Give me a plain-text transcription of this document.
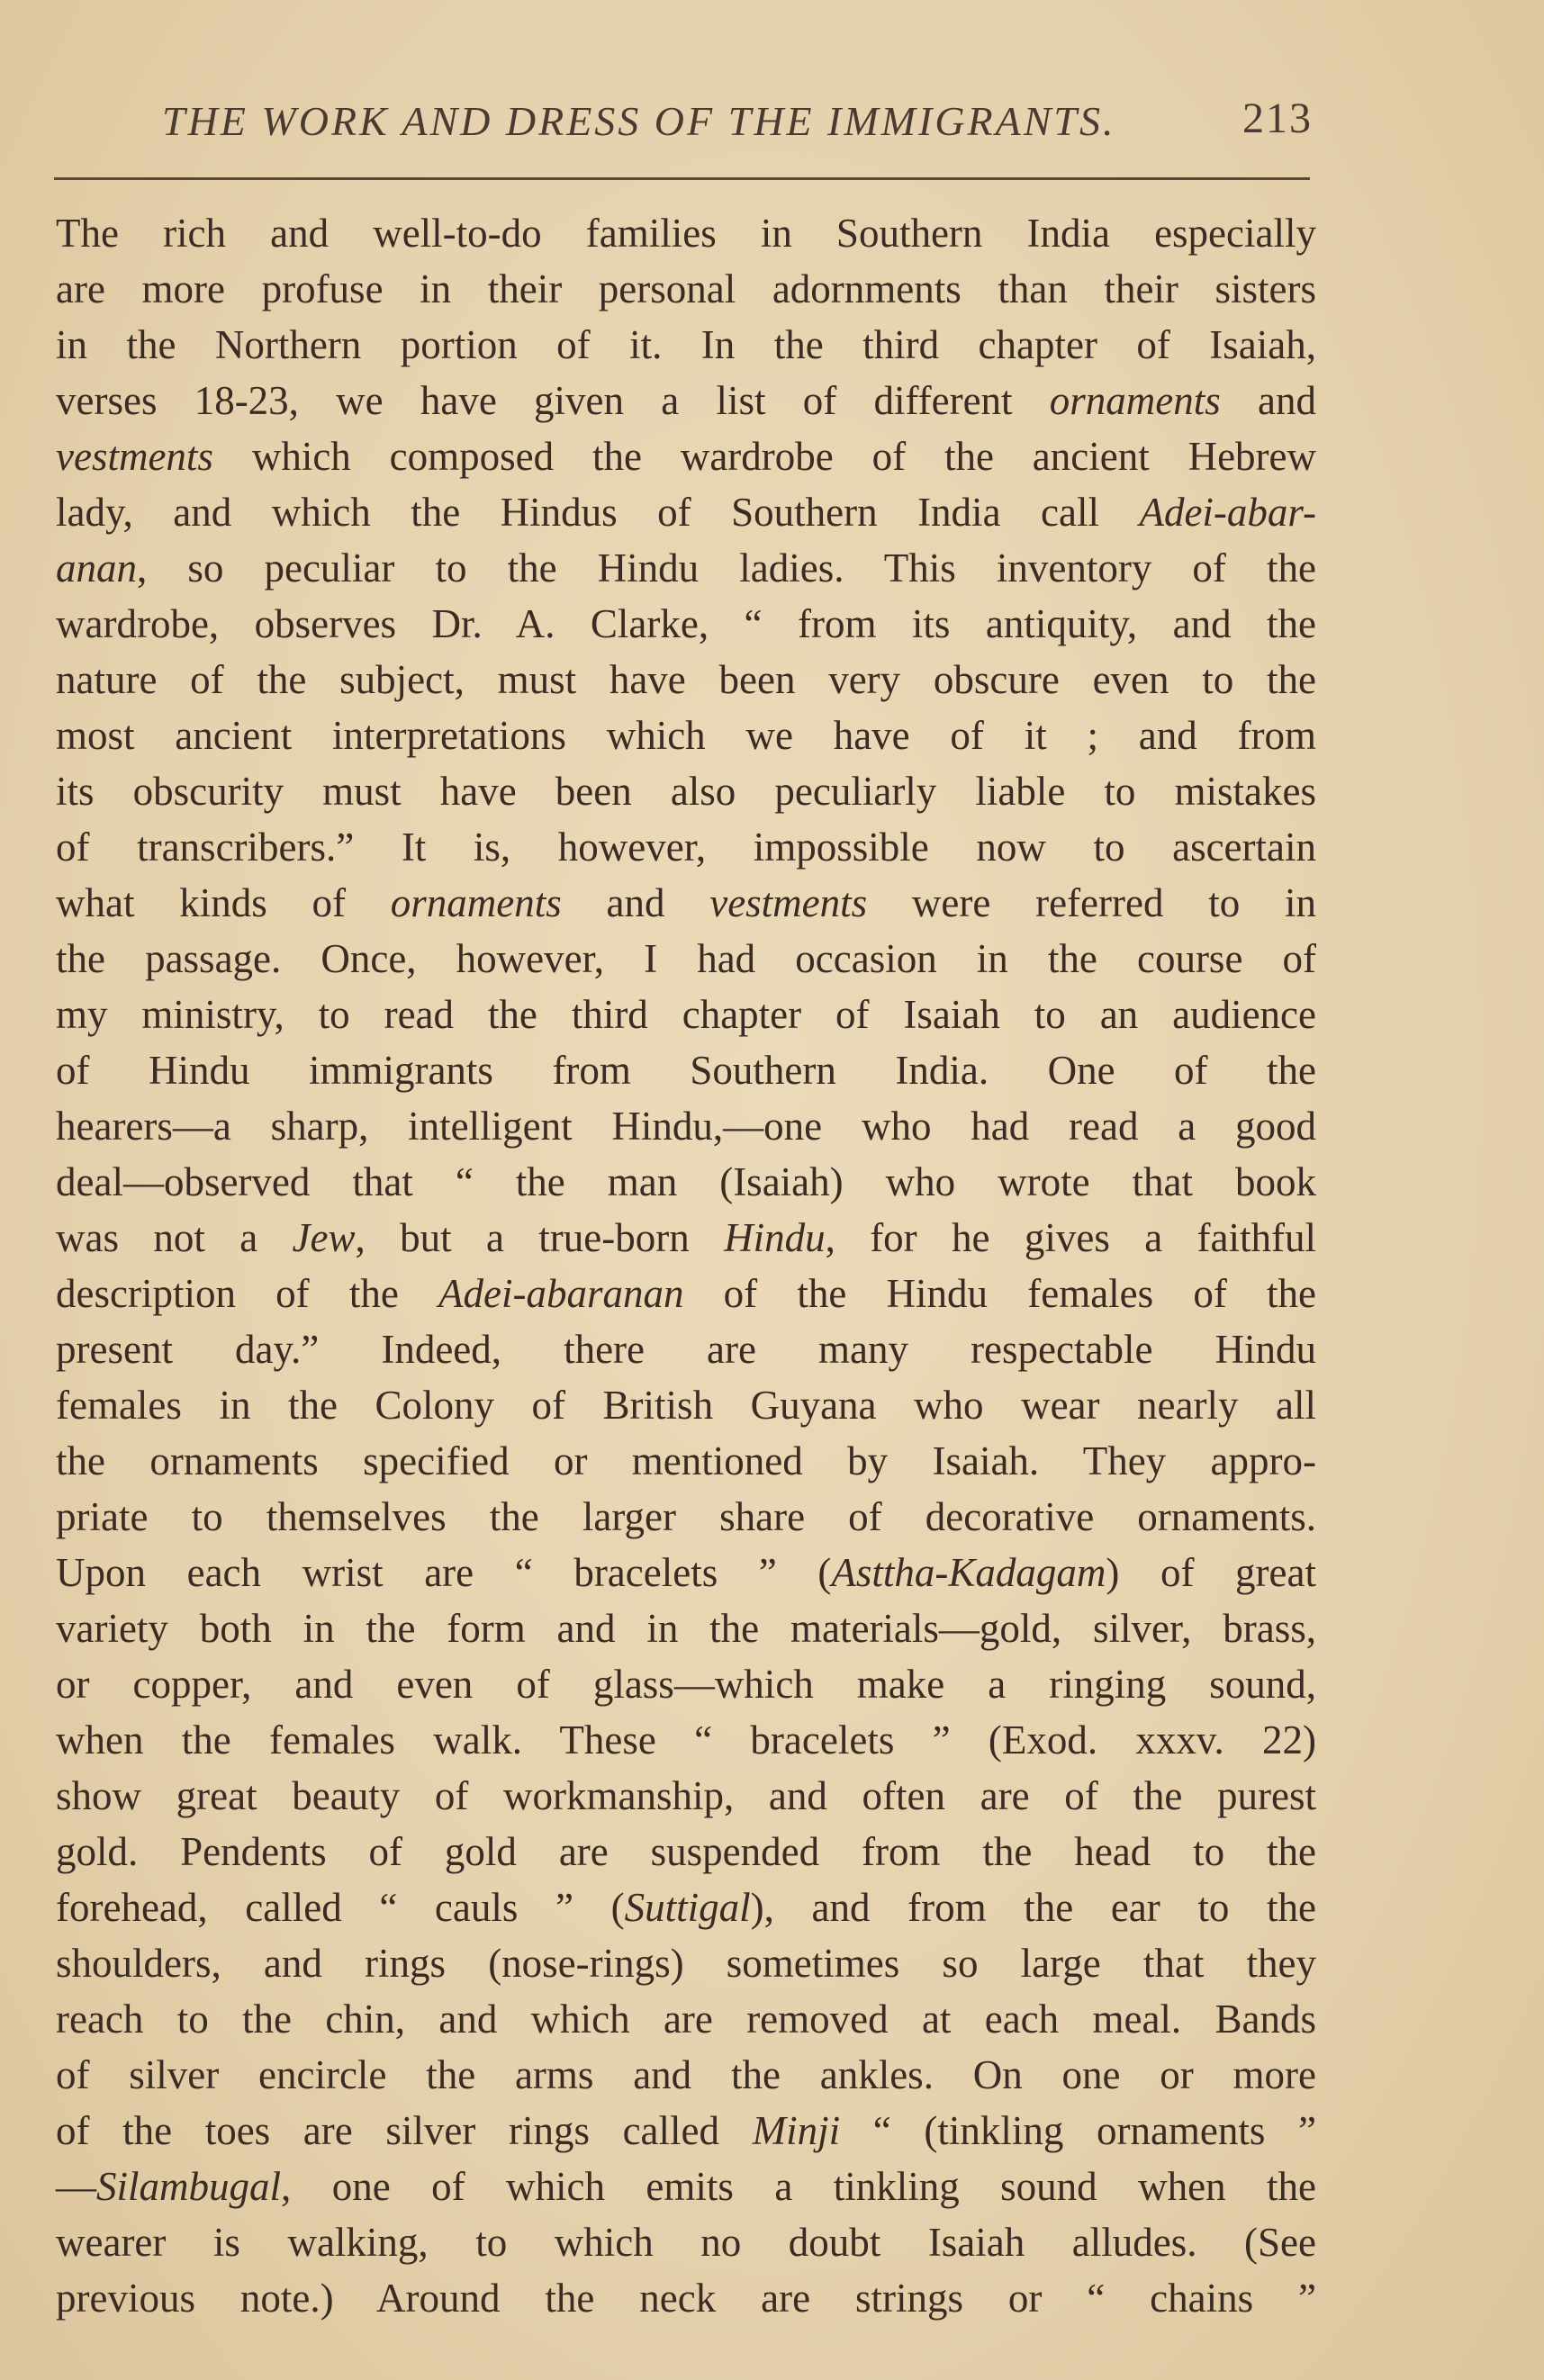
THE WORK AND DRESS OF THE IMMIGRANTS.	213
The rich and well-to-do families in Southern India especially
are more profuse in their personal adornments than their sisters
in the Northern portion of it. In the third chapter of Isaiah,
verses 18-23, we have given a list of different ornaments and
vestments which composed the wardrobe of the ancient Hebrew
lady, and which the Hindus of Southern India call Adei-abar-
anan, so peculiar to the Hindu ladies. This inventory of the
wardrobe, observes Dr. A. Clarke, “ from its antiquity, and the
nature of the subject, must have been very obscure even to the
most ancient interpretations which we have of it ; and from
its obscurity must have been also peculiarly liable to mistakes
of transcribers.” It is, however, impossible now to ascertain
what kinds of ornaments and vestments were referred to in
the passage. Once, however, I had occasion in the course of
my ministry, to read the third chapter of Isaiah to an audience
of Hindu immigrants from Southern India. One of the
hearers—a sharp, intelligent Hindu,—one who had read a good
deal—observed that “ the man (Isaiah) who wrote that book
was not a Jew, but a true-born Hindu, for he gives a faithful
description of the Adei-abaranan of the Hindu females of the
present day.” Indeed, there are many respectable Hindu
females in the Colony of British Guyana who wear nearly all
the ornaments specified or mentioned by Isaiah. They appro-
priate to themselves the larger share of decorative ornaments.
Upon each wrist are “ bracelets ” (Asttha-Kadagam) of great
variety both in the form and in the materials—gold, silver, brass,
or copper, and even of glass—which make a ringing sound,
when the females walk. These “ bracelets ” (Exod. xxxv. 22)
show great beauty of workmanship, and often are of the purest
gold. Pendents of gold are suspended from the head to the
forehead, called “ cauls ” (Suttigal), and from the ear to the
shoulders, and rings (nose-rings) sometimes so large that they
reach to the chin, and which are removed at each meal. Bands
of silver encircle the arms and the ankles. On one or more
of the toes are silver rings called Minji “ (tinkling ornaments ”
—Silambugal, one of which emits a tinkling sound when the
wearer is walking, to which no doubt Isaiah alludes. (See
previous note.) Around the neck are strings or “ chains ”
